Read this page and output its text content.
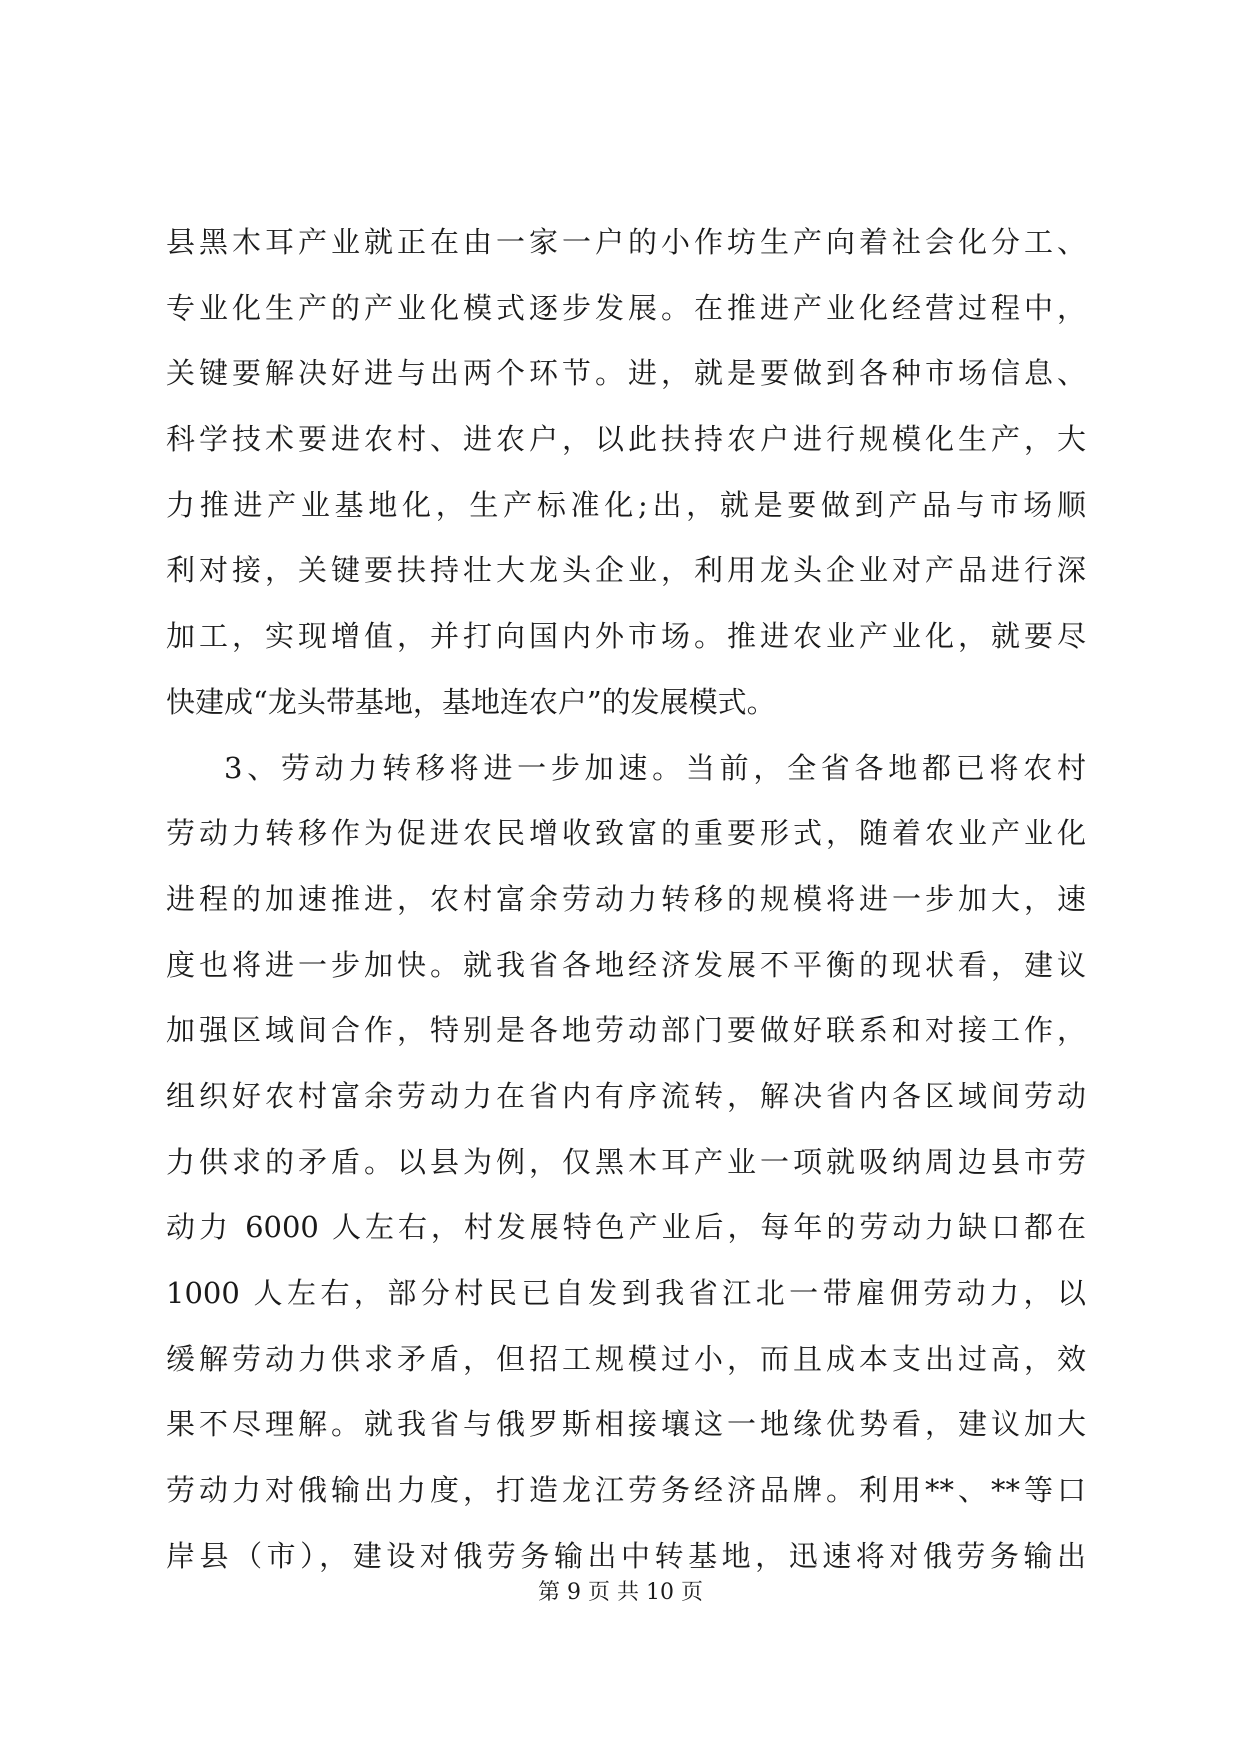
县黑木耳产业就正在由一家一户的小作坊生产向着社会化分工、
专业化生产的产业化模式逐步发展。在推进产业化经营过程中，
关键要解决好进与出两个环节。进，就是要做到各种市场信息、
科学技术要进农村、进农户，以此扶持农户进行规模化生产，大
力推进产业基地化，生产标准化;出，就是要做到产品与市场顺
利对接，关键要扶持壮大龙头企业，利用龙头企业对产品进行深
加工，实现增值，并打向国内外市场。推进农业产业化，就要尽
快建成“龙头带基地，基地连农户”的发展模式。
3、劳动力转移将进一步加速。当前，全省各地都已将农村
劳动力转移作为促进农民增收致富的重要形式，随着农业产业化
进程的加速推进，农村富余劳动力转移的规模将进一步加大，速
度也将进一步加快。就我省各地经济发展不平衡的现状看，建议
加强区域间合作，特别是各地劳动部门要做好联系和对接工作，
组织好农村富余劳动力在省内有序流转，解决省内各区域间劳动
力供求的矛盾。以县为例，仅黑木耳产业一项就吸纳周边县市劳
动力 6000 人左右，村发展特色产业后，每年的劳动力缺口都在
1000 人左右，部分村民已自发到我省江北一带雇佣劳动力，以
缓解劳动力供求矛盾，但招工规模过小，而且成本支出过高，效
果不尽理解。就我省与俄罗斯相接壤这一地缘优势看，建议加大
劳动力对俄输出力度，打造龙江劳务经济品牌。利用**、**等口
岸县（市），建设对俄劳务输出中转基地，迅速将对俄劳务输出
第 9 页 共 10 页
